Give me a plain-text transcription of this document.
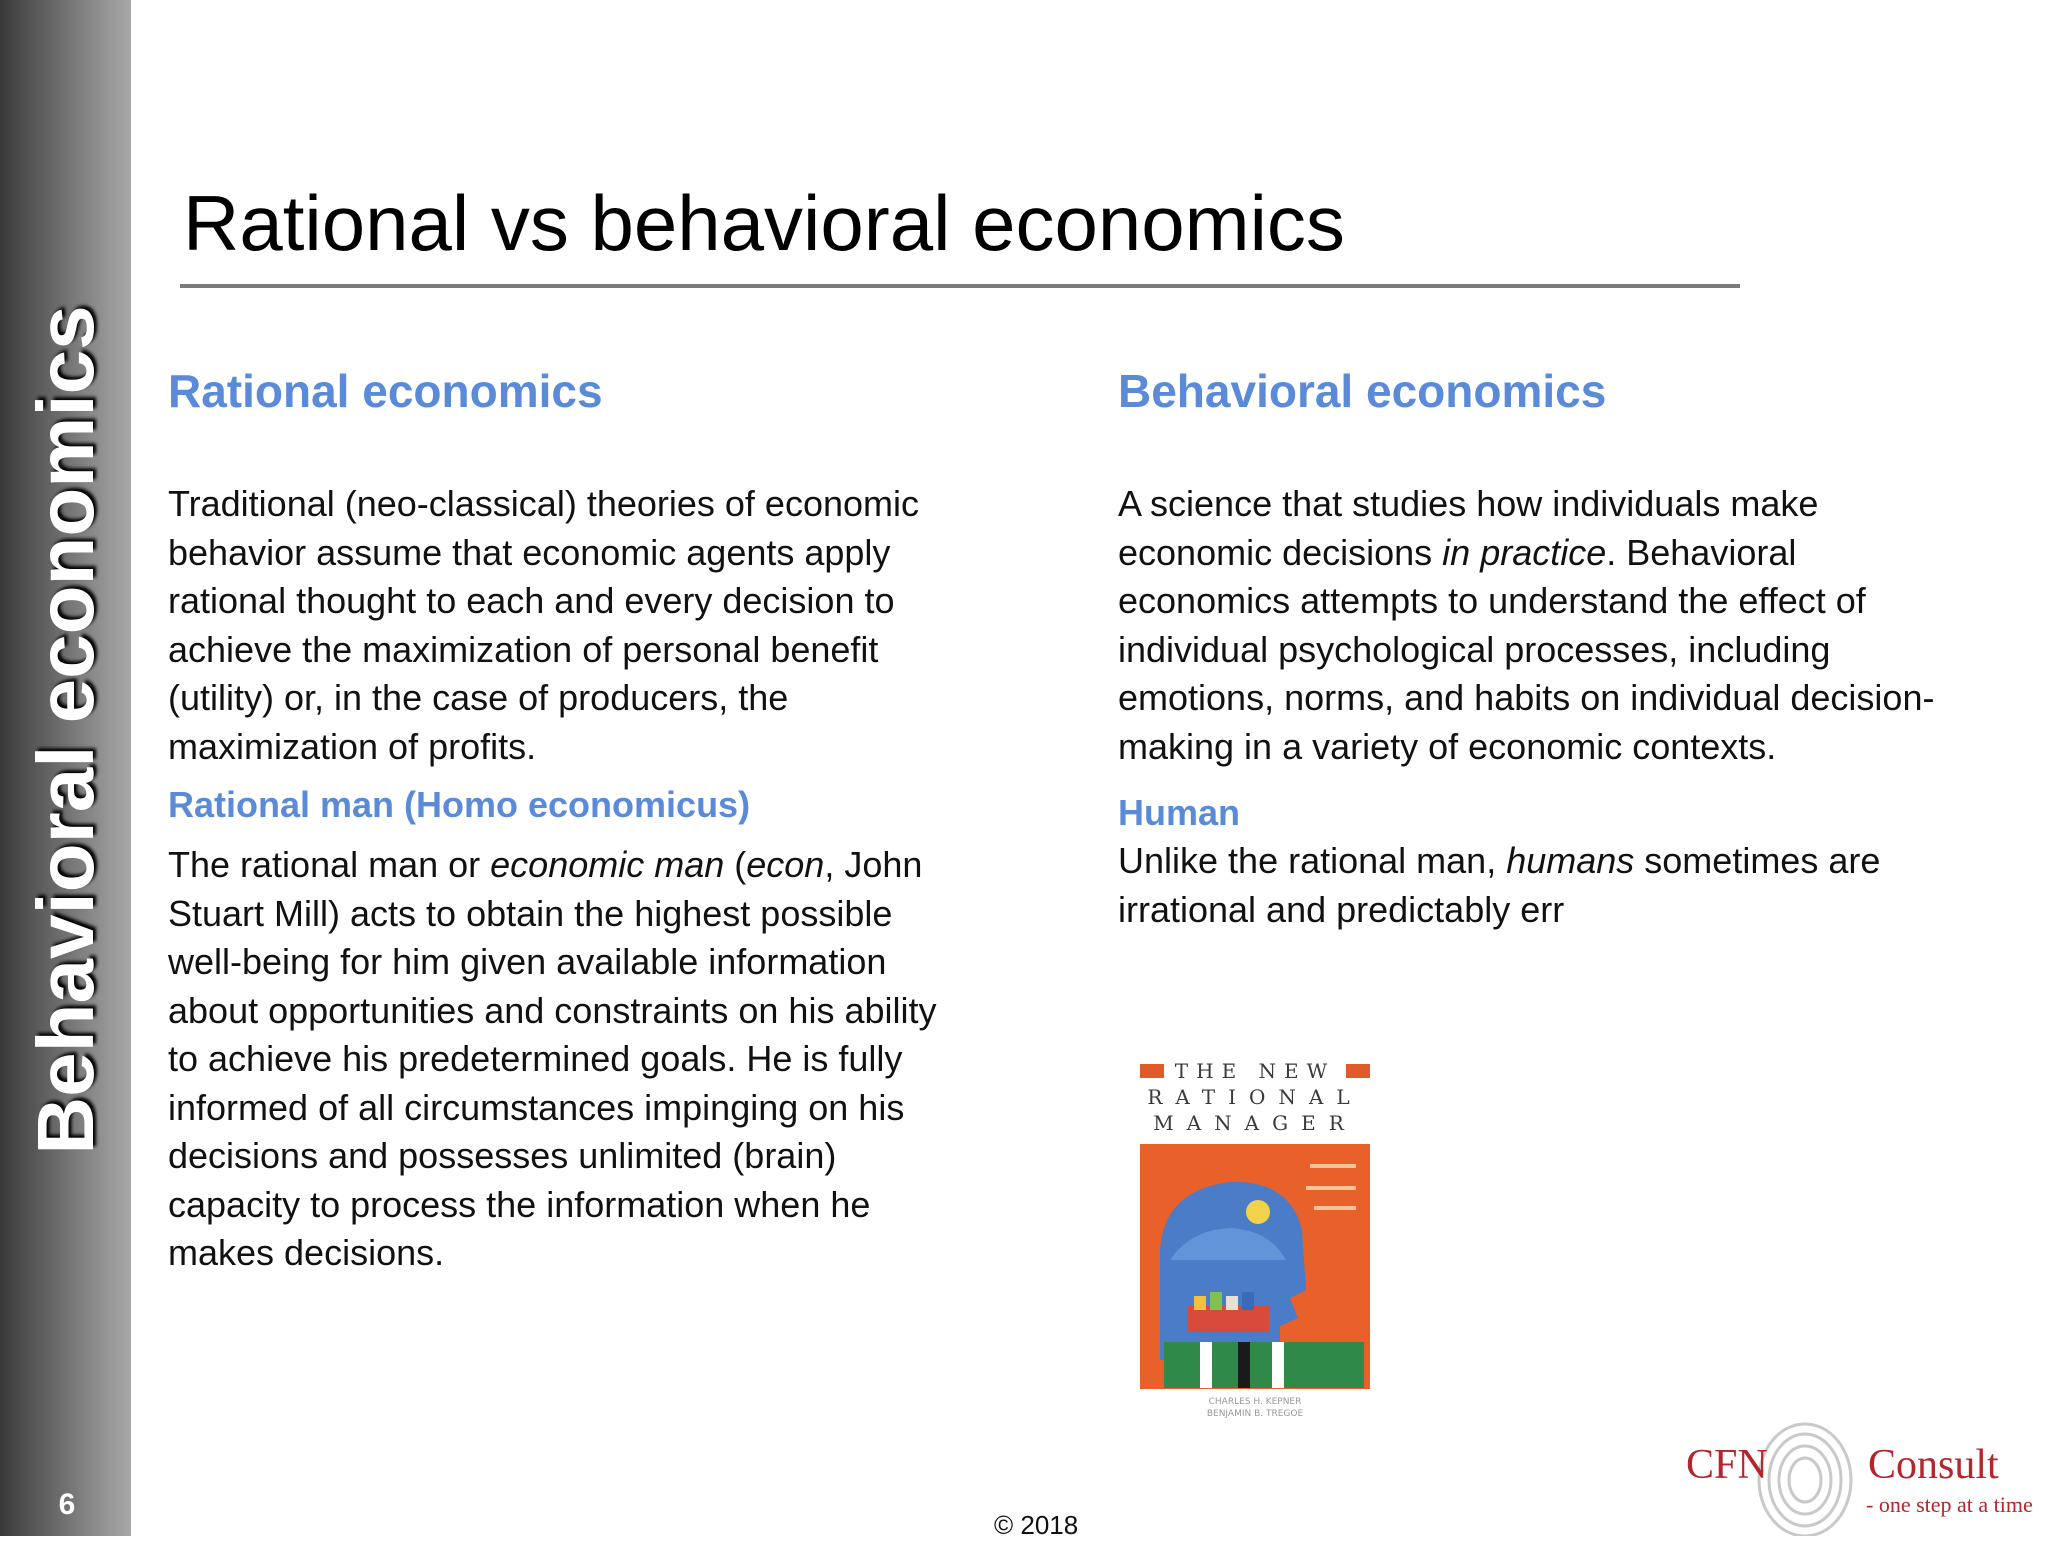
Behavioral economics
6
Rational vs behavioral economics
Rational economics

Traditional (neo-classical) theories of economic behavior assume that economic agents apply rational thought to each and every decision to achieve the maximization of personal benefit (utility) or, in the case of producers, the maximization of profits.

Rational man (Homo economicus)

The rational man or economic man (econ, John Stuart Mill) acts to obtain the highest possible well-being for him given available information about opportunities and constraints on his ability to achieve his predetermined goals. He is fully informed of all circumstances impinging on his decisions and possesses unlimited (brain) capacity to process the information when he makes decisions.

Behavioral economics

A science that studies how individuals make economic decisions in practice. Behavioral economics attempts to understand the effect of individual psychological processes, including emotions, norms, and habits on individual decision-making in a variety of economic contexts.

Human

Unlike the rational man, humans sometimes are irrational and predictably err

THE NEW
RATIONAL
MANAGER
CHARLES H. KEPNER
BENJAMIN B. TREGOE
© 2018
CFN Consult
- one step at a time
